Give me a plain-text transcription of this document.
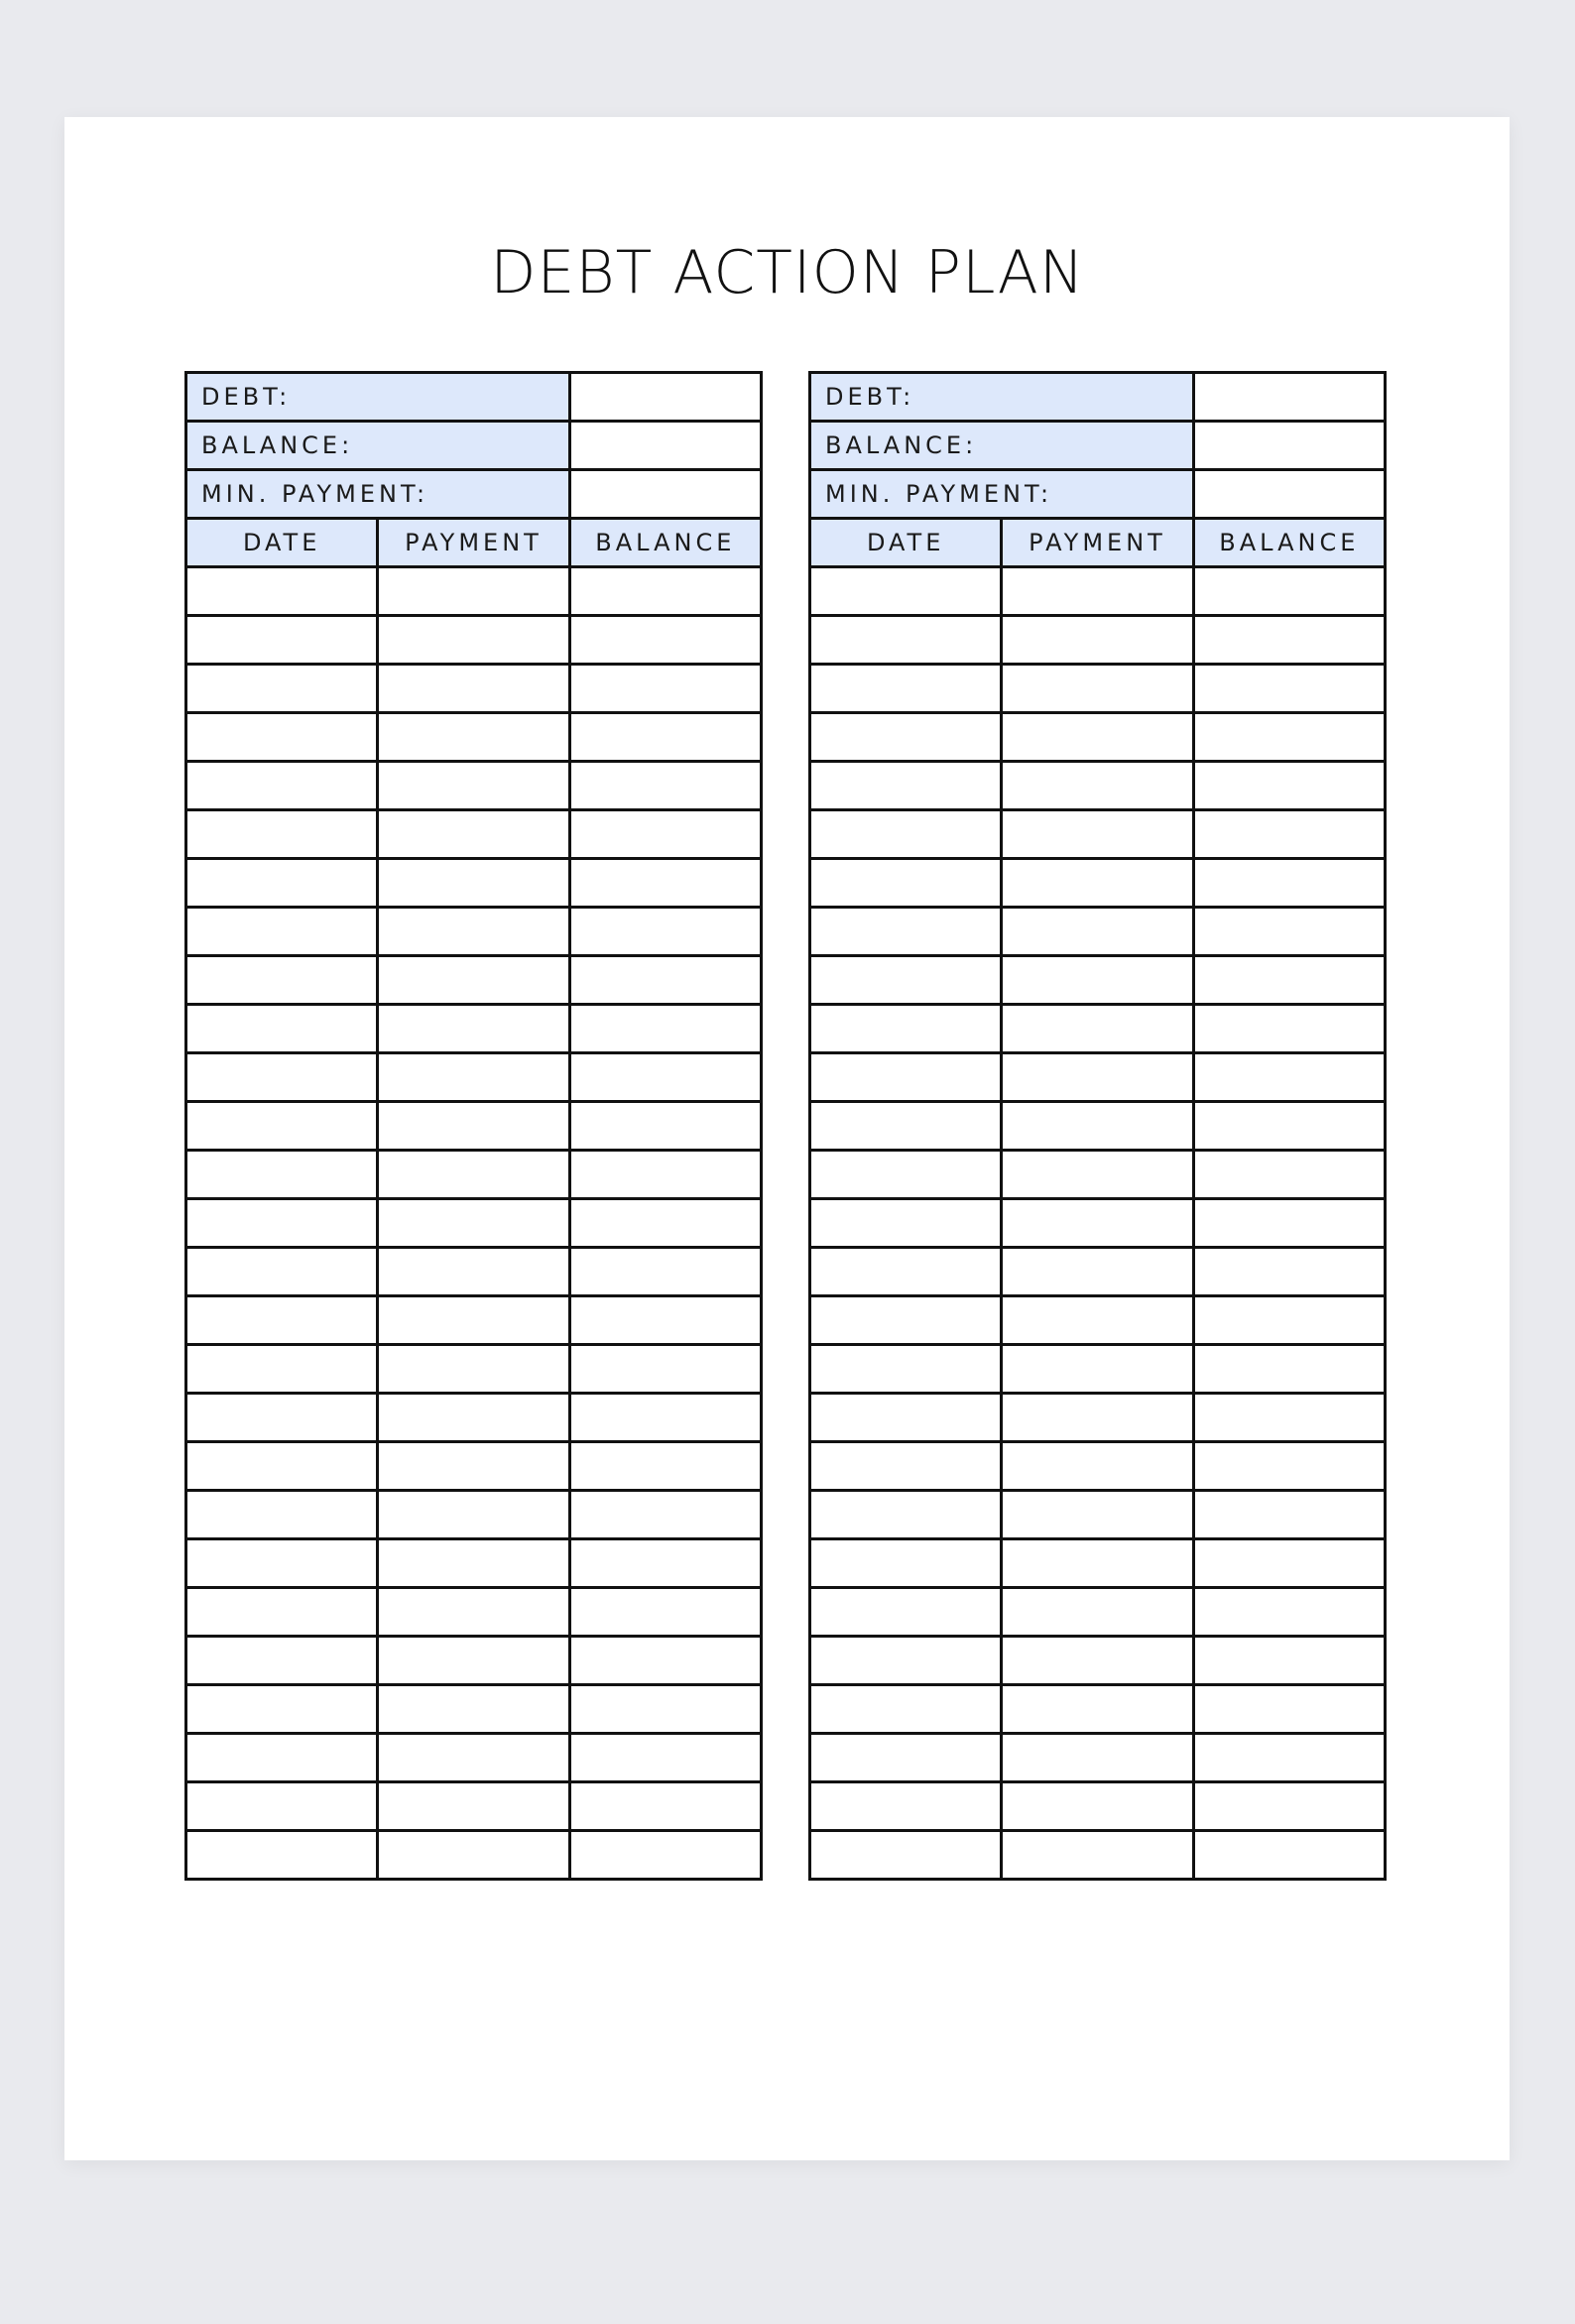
DEBT ACTION PLAN
DEBT:		
BALANCE:		
MIN. PAYMENT:		
DATE	PAYMENT	BALANCE

DEBT:		
BALANCE:		
MIN. PAYMENT:		
DATE	PAYMENT	BALANCE
